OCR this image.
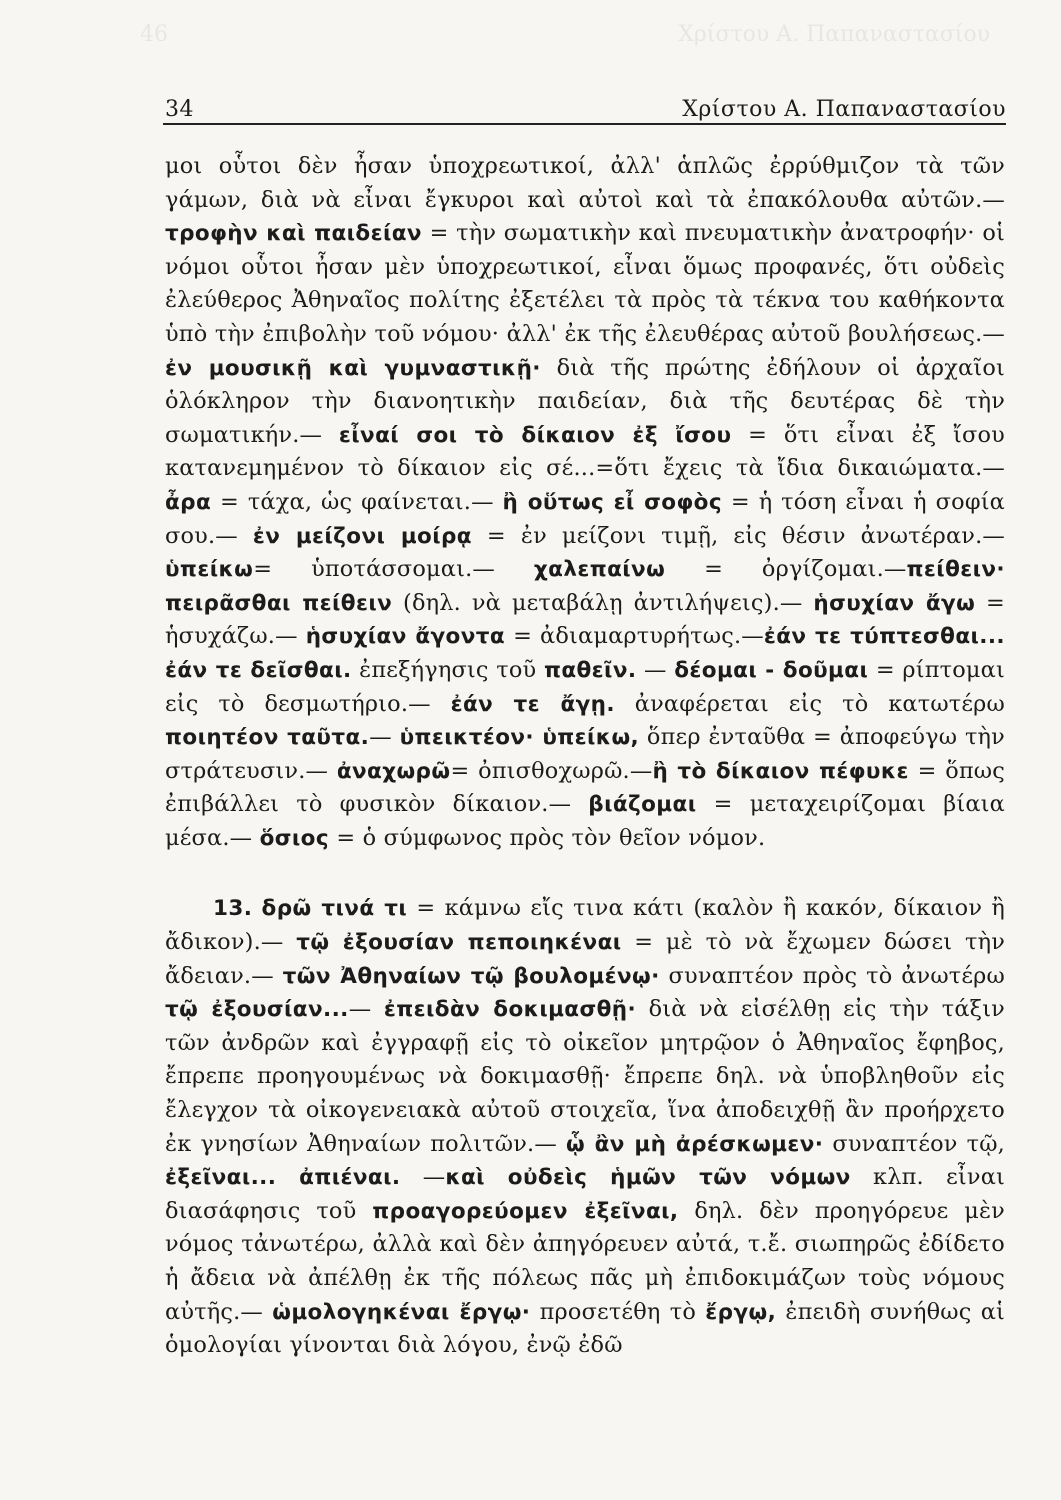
46	Χρίστου Α. Παπαναστασίου
34	Χρίστου Α. Παπαναστασίου

μοι οὗτοι δὲν ἦσαν ὑποχρεωτικοί, ἀλλ' ἁπλῶς ἐρρύθμιζον τὰ τῶν γάμων, διὰ νὰ εἶναι ἔγκυροι καὶ αὐτοὶ καὶ τὰ ἐπακόλουθα αὐτῶν.— τροφὴν καὶ παιδείαν = τὴν σωματικὴν καὶ πνευματικὴν ἀνατροφήν· οἱ νόμοι οὗτοι ἦσαν μὲν ὑποχρεωτικοί, εἶναι ὅμως προφανές, ὅτι οὐδεὶς ἐλεύθερος Ἀθηναῖος πολίτης ἐξετέλει τὰ πρὸς τὰ τέκνα του καθήκοντα ὑπὸ τὴν ἐπιβολὴν τοῦ νόμου· ἀλλ' ἐκ τῆς ἐλευθέρας αὐτοῦ βουλήσεως.— ἐν μουσικῇ καὶ γυμναστικῇ· διὰ τῆς πρώτης ἐδήλουν οἱ ἀρχαῖοι ὁλόκληρον τὴν διανοητικὴν παιδείαν, διὰ τῆς δευτέρας δὲ τὴν σωματικήν.— εἶναί σοι τὸ δίκαιον ἐξ ἴσου = ὅτι εἶναι ἐξ ἴσου κατανεμημένον τὸ δίκαιον εἰς σέ...=ὅτι ἔχεις τὰ ἴδια δικαιώματα.— ἆρα = τάχα, ὡς φαίνεται.— ἢ οὕτως εἶ σοφὸς = ἡ τόση εἶναι ἡ σοφία σου.— ἐν μείζονι μοίρᾳ = ἐν μείζονι τιμῇ, εἰς θέσιν ἀνωτέραν.— ὑπείκω= ὑποτάσσομαι.— χαλεπαίνω = ὀργίζομαι.—πείθειν· πειρᾶσθαι πείθειν (δηλ. νὰ μεταβάλῃ ἀντιλήψεις).— ἡσυχίαν ἄγω = ἡσυχάζω.— ἡσυχίαν ἄγοντα = ἀδιαμαρτυρήτως.—ἐάν τε τύπτεσθαι... ἐάν τε δεῖσθαι. ἐπεξήγησις τοῦ παθεῖν. — δέομαι - δοῦμαι = ρίπτομαι εἰς τὸ δεσμωτήριο.— ἐάν τε ἄγῃ. ἀναφέρεται εἰς τὸ κατωτέρω ποιητέον ταῦτα.— ὑπεικτέον· ὑπείκω, ὅπερ ἐνταῦθα = ἀποφεύγω τὴν στράτευσιν.— ἀναχωρῶ= ὀπισθοχωρῶ.—ἢ τὸ δίκαιον πέφυκε = ὅπως ἐπιβάλλει τὸ φυσικὸν δίκαιον.— βιάζομαι = μεταχειρίζομαι βίαια μέσα.— ὅσιος = ὁ σύμφωνος πρὸς τὸν θεῖον νόμον.

13. δρῶ τινά τι = κάμνω εἴς τινα κάτι (καλὸν ἢ κακόν, δίκαιον ἢ ἄδικον).— τῷ ἐξουσίαν πεποιηκέναι = μὲ τὸ νὰ ἔχωμεν δώσει τὴν ἄδειαν.— τῶν Ἀθηναίων τῷ βουλομένῳ· συναπτέον πρὸς τὸ ἀνωτέρω τῷ ἐξουσίαν...— ἐπειδὰν δοκιμασθῇ· διὰ νὰ εἰσέλθῃ εἰς τὴν τάξιν τῶν ἀνδρῶν καὶ ἐγγραφῇ εἰς τὸ οἰκεῖον μητρῷον ὁ Ἀθηναῖος ἔφηβος, ἔπρεπε προηγουμένως νὰ δοκιμασθῇ· ἔπρεπε δηλ. νὰ ὑποβληθοῦν εἰς ἔλεγχον τὰ οἰκογενειακὰ αὐτοῦ στοιχεῖα, ἵνα ἀποδειχθῇ ἂν προήρχετο ἐκ γνησίων Ἀθηναίων πολιτῶν.— ᾧ ἂν μὴ ἀρέσκωμεν· συναπτέον τῷ, ἐξεῖναι... ἀπιέναι. —καὶ οὐδεὶς ἡμῶν τῶν νόμων κλπ. εἶναι διασάφησις τοῦ προαγορεύομεν ἐξεῖναι, δηλ. δὲν προηγόρευε μὲν νόμος τἀνωτέρω, ἀλλὰ καὶ δὲν ἀπηγόρευεν αὐτά, τ.ἔ. σιωπηρῶς ἐδίδετο ἡ ἄδεια νὰ ἀπέλθῃ ἐκ τῆς πόλεως πᾶς μὴ ἐπιδοκιμάζων τοὺς νόμους αὐτῆς.— ὡμολογηκέναι ἔργῳ· προσετέθη τὸ ἔργῳ, ἐπειδὴ συνήθως αἱ ὁμολογίαι γίνονται διὰ λόγου, ἐνῷ ἐδῶ
